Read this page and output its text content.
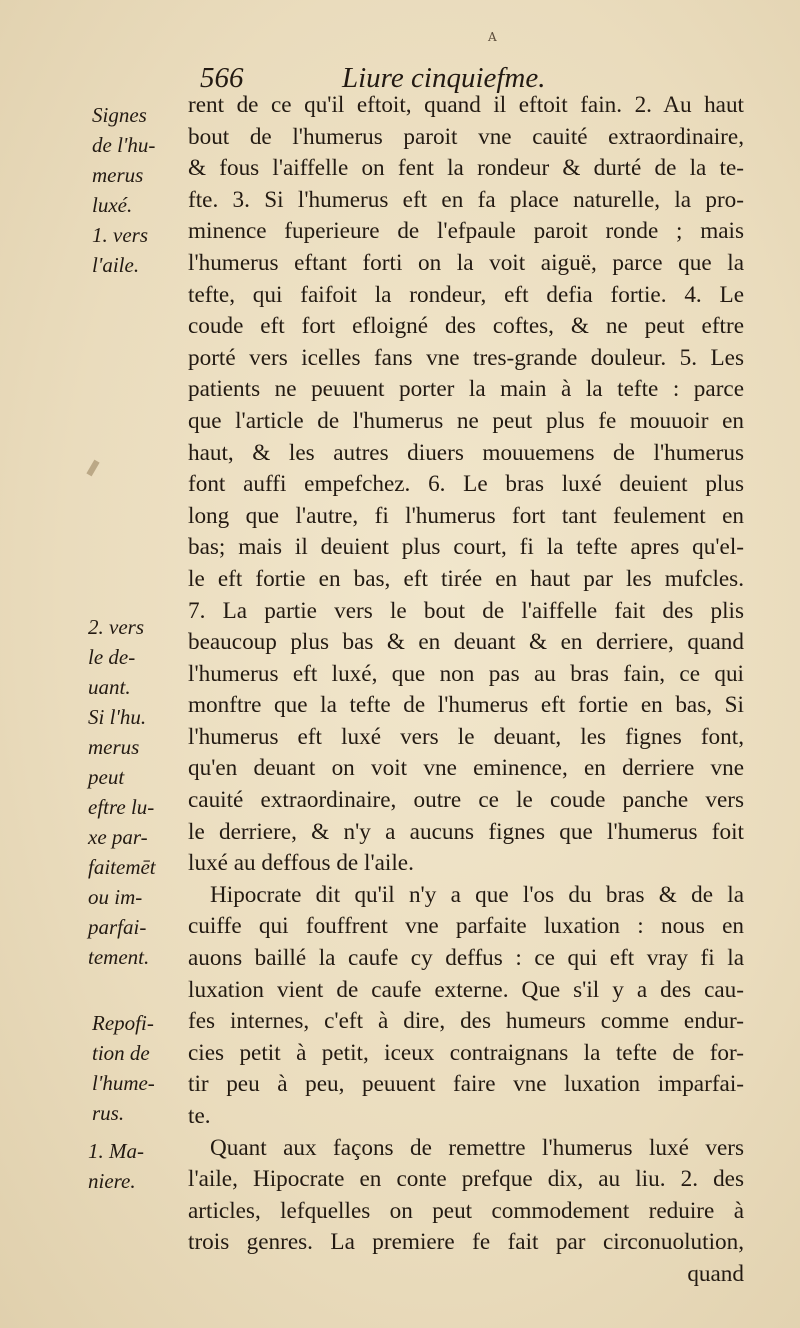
A
566	Liure cinquiefme.
Signes
de l'hu-
merus
luxé.
1. vers
l'aile.
2. vers
le de-
uant.
Si l'hu.
merus
peut
eftre lu-
xe par-
faitemēt
ou im-
parfai-
tement.
Repofi-
tion de
l'hume-
rus.
1. Ma-
niere.
rent de ce qu'il eftoit, quand il eftoit fain. 2. Au haut
bout de l'humerus paroit vne cauité extraordinaire,
& fous l'aiffelle on fent la rondeur & durté de la te-
fte. 3. Si l'humerus eft en fa place naturelle, la pro-
minence fuperieure de l'efpaule paroit ronde ; mais
l'humerus eftant forti on la voit aiguë, parce que la
tefte, qui faifoit la rondeur, eft defia fortie. 4. Le
coude eft fort efloigné des coftes, & ne peut eftre
porté vers icelles fans vne tres-grande douleur. 5. Les
patients ne peuuent porter la main à la tefte : parce
que l'article de l'humerus ne peut plus fe mouuoir en
haut, & les autres diuers mouuemens de l'humerus
font auffi empefchez. 6. Le bras luxé deuient plus
long que l'autre, fi l'humerus fort tant feulement en
bas; mais il deuient plus court, fi la tefte apres qu'el-
le eft fortie en bas, eft tirée en haut par les mufcles.
7. La partie vers le bout de l'aiffelle fait des plis
beaucoup plus bas & en deuant & en derriere, quand
l'humerus eft luxé, que non pas au bras fain, ce qui
monftre que la tefte de l'humerus eft fortie en bas, Si
l'humerus eft luxé vers le deuant, les fignes font,
qu'en deuant on voit vne eminence, en derriere vne
cauité extraordinaire, outre ce le coude panche vers
le derriere, & n'y a aucuns fignes que l'humerus foit
luxé au deffous de l'aile.
Hipocrate dit qu'il n'y a que l'os du bras & de la
cuiffe qui fouffrent vne parfaite luxation : nous en
auons baillé la caufe cy deffus : ce qui eft vray fi la
luxation vient de caufe externe. Que s'il y a des cau-
fes internes, c'eft à dire, des humeurs comme endur-
cies petit à petit, iceux contraignans la tefte de for-
tir peu à peu, peuuent faire vne luxation imparfai-
te.
Quant aux façons de remettre l'humerus luxé vers
l'aile, Hipocrate en conte prefque dix, au liu. 2. des
articles, lefquelles on peut commodement reduire à
trois genres. La premiere fe fait par circonuolution,
quand
